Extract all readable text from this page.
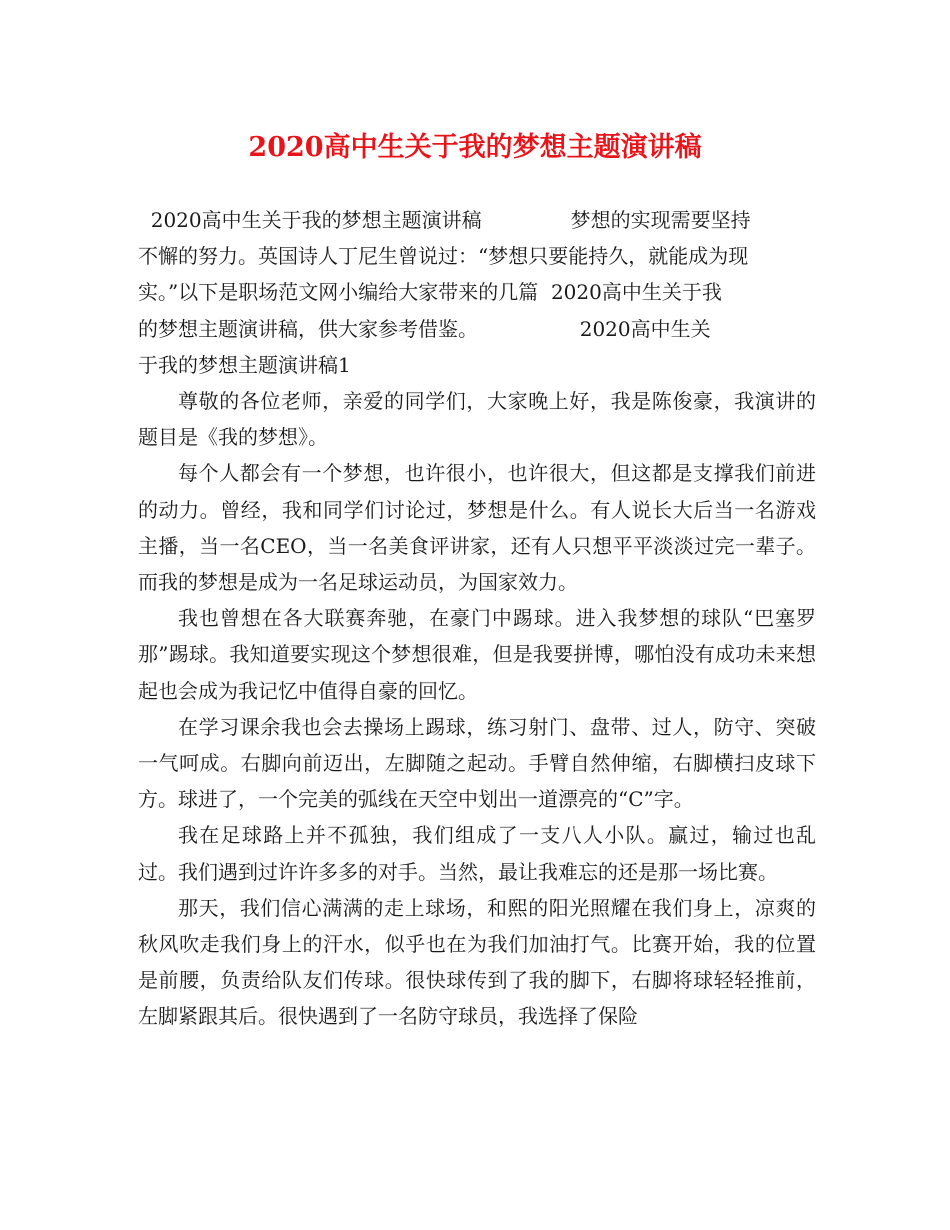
2020高中生关于我的梦想主题演讲稿

2020高中生关于我的梦想主题演讲稿              梦想的实现需要坚持
不懈的努力。英国诗人丁尼生曾说过：“梦想只要能持久，就能成为现
实。”以下是职场范文网小编给大家带来的几篇  2020高中生关于我
的梦想主题演讲稿，供大家参考借鉴。                2020高中生关
于我的梦想主题演讲稿1

尊敬的各位老师，亲爱的同学们，大家晚上好，我是陈俊豪，我演讲的题目是《我的梦想》。

每个人都会有一个梦想，也许很小，也许很大，但这都是支撑我们前进的动力。曾经，我和同学们讨论过，梦想是什么。有人说长大后当一名游戏主播，当一名CEO，当一名美食评讲家，还有人只想平平淡淡过完一辈子。而我的梦想是成为一名足球运动员，为国家效力。

我也曾想在各大联赛奔驰，在豪门中踢球。进入我梦想的球队“巴塞罗那”踢球。我知道要实现这个梦想很难，但是我要拼博，哪怕没有成功未来想起也会成为我记忆中值得自豪的回忆。

在学习课余我也会去操场上踢球，练习射门、盘带、过人，防守、突破一气呵成。右脚向前迈出，左脚随之起动。手臂自然伸缩，右脚横扫皮球下方。球进了，一个完美的弧线在天空中划出一道漂亮的“C”字。

我在足球路上并不孤独，我们组成了一支八人小队。赢过，输过也乱过。我们遇到过许许多多的对手。当然，最让我难忘的还是那一场比赛。

那天，我们信心满满的走上球场，和熙的阳光照耀在我们身上，凉爽的秋风吹走我们身上的汗水，似乎也在为我们加油打气。比赛开始，我的位置是前腰，负责给队友们传球。很快球传到了我的脚下，右脚将球轻轻推前，左脚紧跟其后。很快遇到了一名防守球员，我选择了保险
